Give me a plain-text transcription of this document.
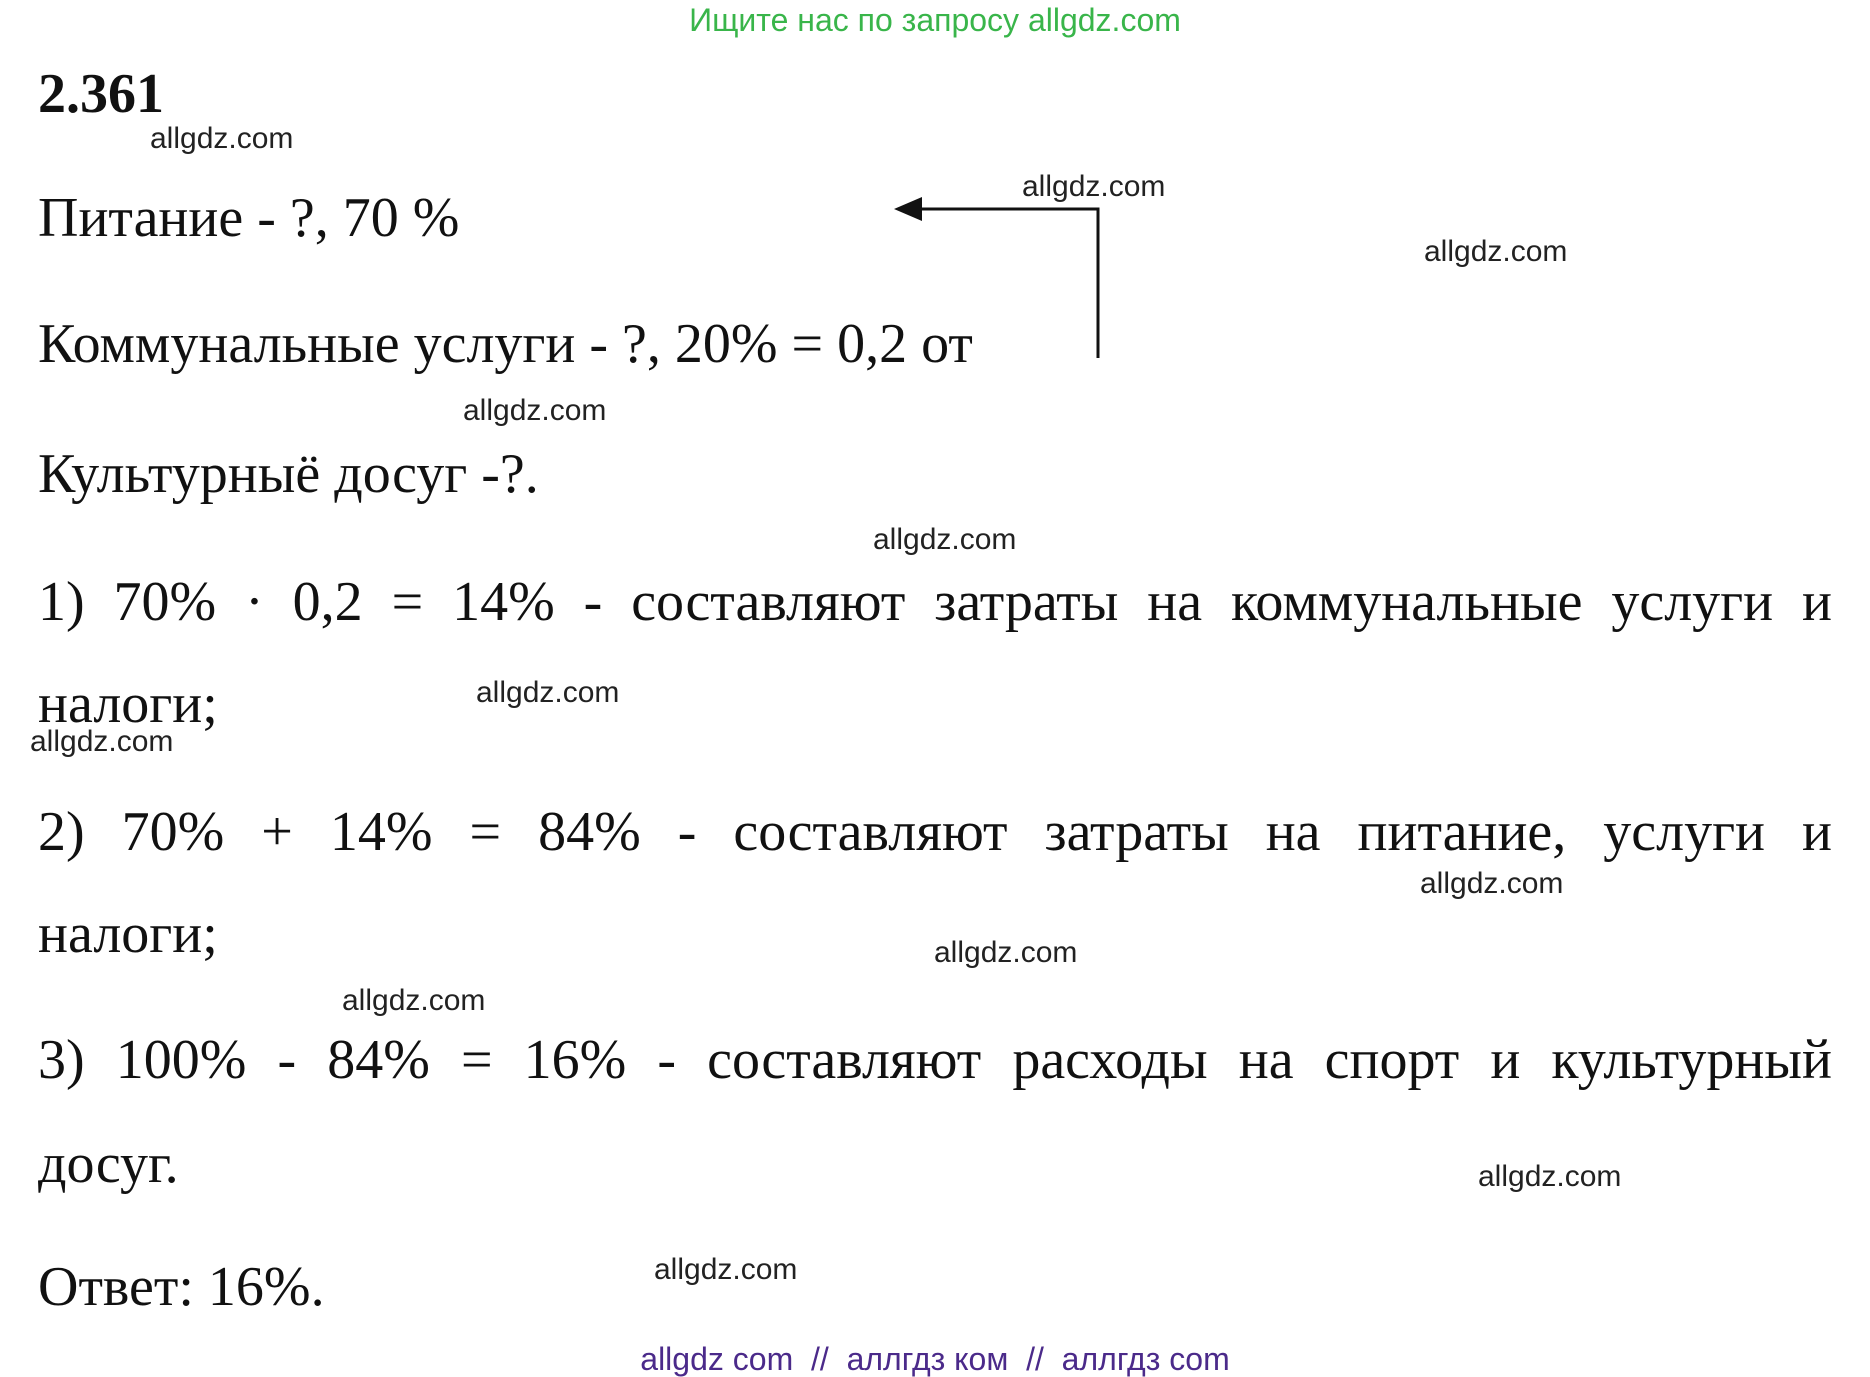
Ищите нас по запросу allgdz.com
2.361
Питание - ?, 70 %
Коммунальные услуги - ?, 20% = 0,2 от
Культурныё досуг -?.
1) 70% · 0,2 = 14% - составляют затраты на коммунальные услуги и
налоги;
2) 70% + 14% = 84% - составляют затраты на питание, услуги и
налоги;
3) 100% - 84% = 16% - составляют расходы на спорт и культурный
досуг.
Ответ: 16%.
allgdz.com
allgdz.com
allgdz.com
allgdz.com
allgdz.com
allgdz.com
allgdz.com
allgdz.com
allgdz.com
allgdz.com
allgdz.com
allgdz.com
allgdz com  //  аллгдз ком  //  аллгдз com
